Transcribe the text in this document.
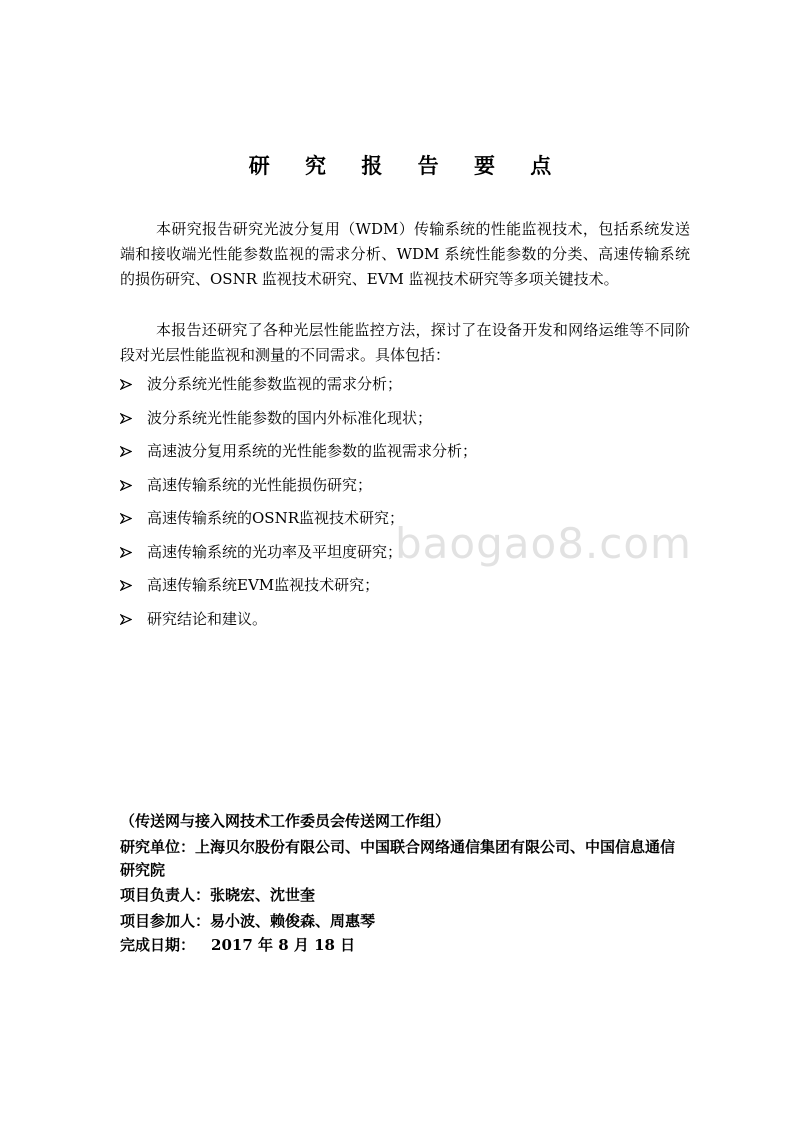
研 究 报 告 要 点
本研究报告研究光波分复用（WDM）传输系统的性能监视技术，包括系统发送端和接收端光性能参数监视的需求分析、WDM 系统性能参数的分类、高速传输系统的损伤研究、OSNR 监视技术研究、EVM 监视技术研究等多项关键技术。
本报告还研究了各种光层性能监控方法，探讨了在设备开发和网络运维等不同阶段对光层性能监视和测量的不同需求。具体包括：
波分系统光性能参数监视的需求分析；
波分系统光性能参数的国内外标准化现状；
高速波分复用系统的光性能参数的监视需求分析；
高速传输系统的光性能损伤研究；
高速传输系统的OSNR监视技术研究；
高速传输系统的光功率及平坦度研究；
高速传输系统EVM监视技术研究；
研究结论和建议。
baogao8.com
（传送网与接入网技术工作委员会传送网工作组）
研究单位：上海贝尔股份有限公司、中国联合网络通信集团有限公司、中国信息通信研究院
项目负责人：张晓宏、沈世奎
项目参加人：易小波、赖俊森、周惠琴
完成日期： 2017 年 8 月 18 日
